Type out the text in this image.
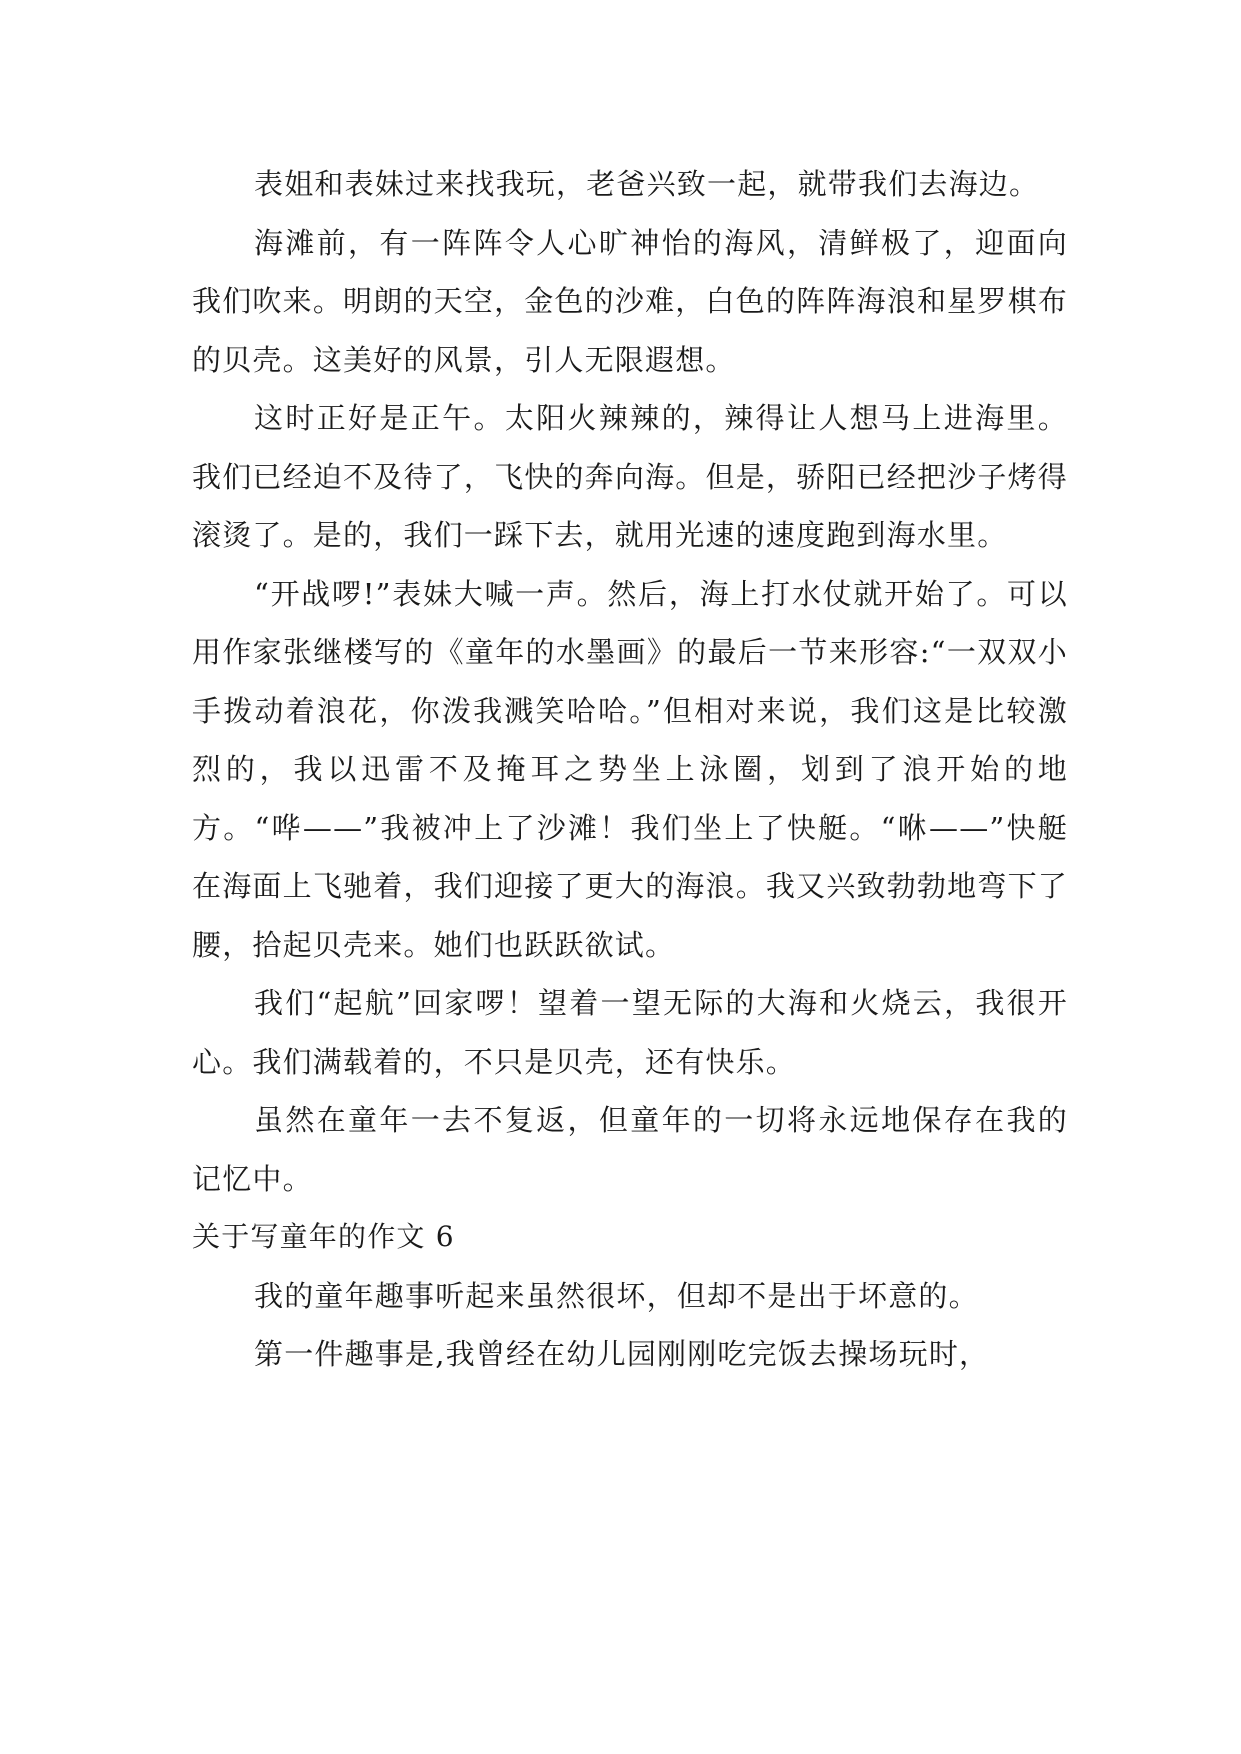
表姐和表妹过来找我玩，老爸兴致一起，就带我们去海边。

海滩前，有一阵阵令人心旷神怡的海风，清鲜极了，迎面向我们吹来。明朗的天空，金色的沙难，白色的阵阵海浪和星罗棋布的贝壳。这美好的风景，引人无限遐想。

这时正好是正午。太阳火辣辣的，辣得让人想马上进海里。我们已经迫不及待了，飞快的奔向海。但是，骄阳已经把沙子烤得滚烫了。是的，我们一踩下去，就用光速的速度跑到海水里。

“开战啰!”表妹大喊一声。然后，海上打水仗就开始了。可以用作家张继楼写的《童年的水墨画》的最后一节来形容:“一双双小手拨动着浪花，你泼我溅笑哈哈。”但相对来说，我们这是比较激烈的，我以迅雷不及掩耳之势坐上泳圈，划到了浪开始的地方。“哗——”我被冲上了沙滩！我们坐上了快艇。“咻——”快艇在海面上飞驰着，我们迎接了更大的海浪。我又兴致勃勃地弯下了腰，拾起贝壳来。她们也跃跃欲试。

我们“起航”回家啰！望着一望无际的大海和火烧云，我很开心。我们满载着的，不只是贝壳，还有快乐。

虽然在童年一去不复返，但童年的一切将永远地保存在我的记忆中。

关于写童年的作文 6

我的童年趣事听起来虽然很坏，但却不是出于坏意的。

第一件趣事是,我曾经在幼儿园刚刚吃完饭去操场玩时，
